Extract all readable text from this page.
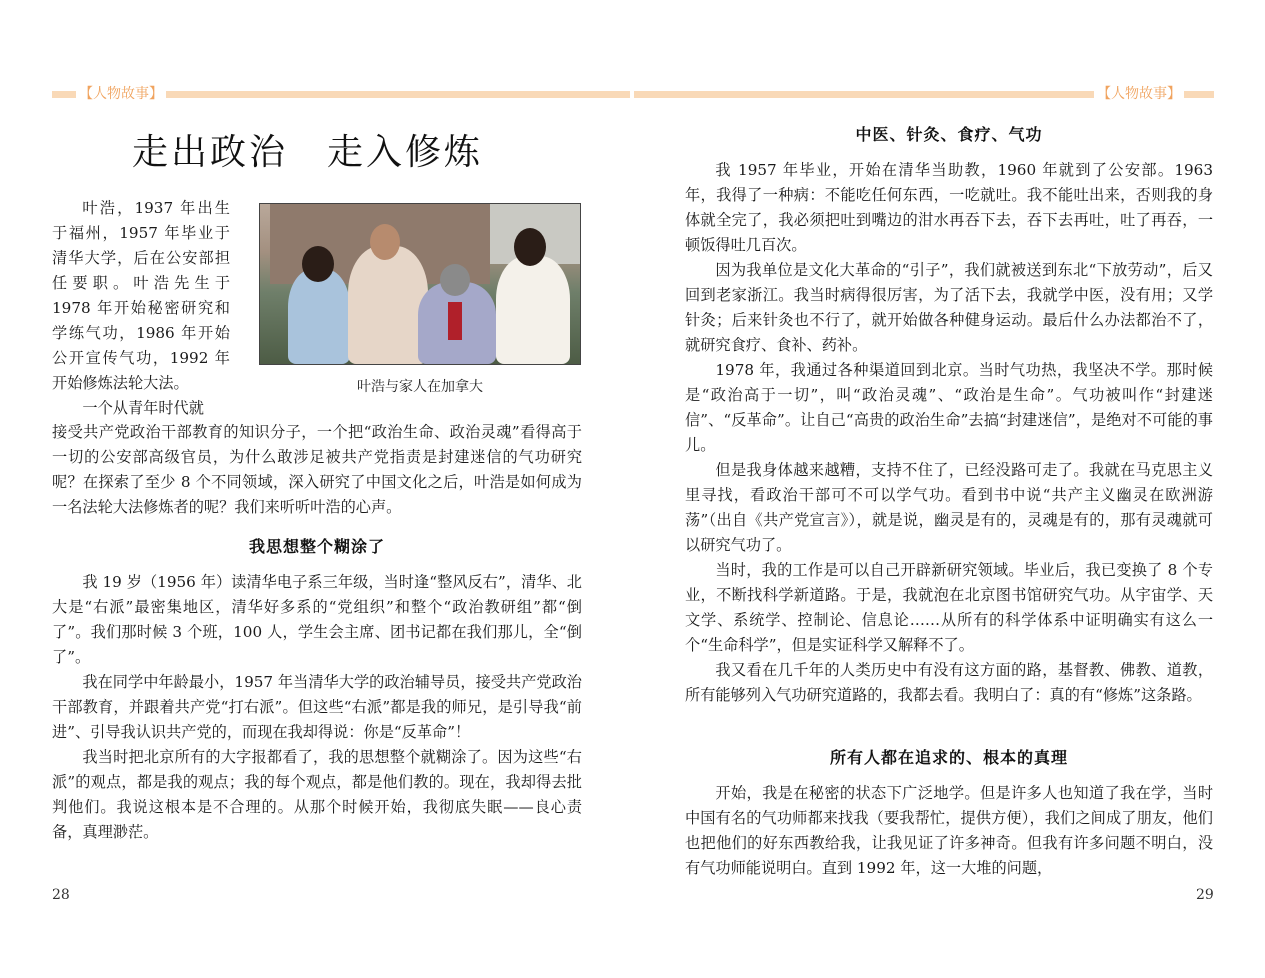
【人物故事】	【人物故事】
走出政治　走入修炼

叶浩，1937 年出生于福州，1957 年毕业于清华大学，后在公安部担任要职。叶浩先生于 1978 年开始秘密研究和学练气功，1986 年开始公开宣传气功，1992 年开始修炼法轮大法。

一个从青年时代就

叶浩与家人在加拿大

接受共产党政治干部教育的知识分子，一个把“政治生命、政治灵魂”看得高于一切的公安部高级官员，为什么敢涉足被共产党指责是封建迷信的气功研究呢？在探索了至少 8 个不同领域，深入研究了中国文化之后，叶浩是如何成为一名法轮大法修炼者的呢？我们来听听叶浩的心声。

我思想整个糊涂了

我 19 岁（1956 年）读清华电子系三年级，当时逢“整风反右”，清华、北大是“右派”最密集地区，清华好多系的“党组织”和整个“政治教研组”都“倒了”。我们那时候 3 个班，100 人，学生会主席、团书记都在我们那儿，全“倒了”。

我在同学中年龄最小，1957 年当清华大学的政治辅导员，接受共产党政治干部教育，并跟着共产党“打右派”。但这些“右派”都是我的师兄，是引导我“前进”、引导我认识共产党的，而现在我却得说：你是“反革命”！

我当时把北京所有的大字报都看了，我的思想整个就糊涂了。因为这些“右派”的观点，都是我的观点；我的每个观点，都是他们教的。现在，我却得去批判他们。我说这根本是不合理的。从那个时候开始，我彻底失眠——良心责备，真理渺茫。

28

中医、针灸、食疗、气功

我 1957 年毕业，开始在清华当助教，1960 年就到了公安部。1963 年，我得了一种病：不能吃任何东西，一吃就吐。我不能吐出来，否则我的身体就全完了，我必须把吐到嘴边的泔水再吞下去，吞下去再吐，吐了再吞，一顿饭得吐几百次。

因为我单位是文化大革命的“引子”，我们就被送到东北“下放劳动”，后又回到老家浙江。我当时病得很厉害，为了活下去，我就学中医，没有用；又学针灸；后来针灸也不行了，就开始做各种健身运动。最后什么办法都治不了，就研究食疗、食补、药补。

1978 年，我通过各种渠道回到北京。当时气功热，我坚决不学。那时候是“政治高于一切”，叫“政治灵魂”、“政治是生命”。气功被叫作“封建迷信”、“反革命”。让自己“高贵的政治生命”去搞“封建迷信”，是绝对不可能的事儿。

但是我身体越来越糟，支持不住了，已经没路可走了。我就在马克思主义里寻找，看政治干部可不可以学气功。看到书中说“共产主义幽灵在欧洲游荡”（出自《共产党宣言》），就是说，幽灵是有的，灵魂是有的，那有灵魂就可以研究气功了。

当时，我的工作是可以自己开辟新研究领域。毕业后，我已变换了 8 个专业，不断找科学新道路。于是，我就泡在北京图书馆研究气功。从宇宙学、天文学、系统学、控制论、信息论……从所有的科学体系中证明确实有这么一个“生命科学”，但是实证科学又解释不了。

我又看在几千年的人类历史中有没有这方面的路，基督教、佛教、道教，所有能够列入气功研究道路的，我都去看。我明白了：真的有“修炼”这条路。

所有人都在追求的、根本的真理

开始，我是在秘密的状态下广泛地学。但是许多人也知道了我在学，当时中国有名的气功师都来找我（要我帮忙，提供方便），我们之间成了朋友，他们也把他们的好东西教给我，让我见证了许多神奇。但我有许多问题不明白，没有气功师能说明白。直到 1992 年，这一大堆的问题，

29
